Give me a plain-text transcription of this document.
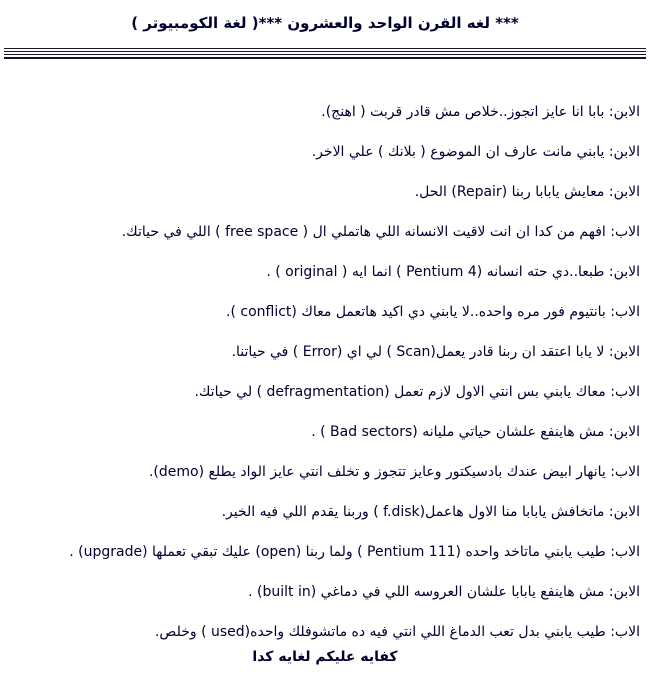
*** لغه القرن الواحد والعشرون ***( لغة الكومبيوتر )

الابن: بابا انا عايز اتجوز..خلاص مش قادر قربت ( اهنج).

الابن: يابني مانت عارف ان الموضوع ( بلانك ) علي الاخر.

الابن: معايش يابابا ربنا (Repair) الحل.

الاب: افهم من كدا ان انت لاقيت الانسانه اللي هاتملي ال ( free space ) اللي في حياتك.

الابن: طبعا..دي حته انسانه (Pentium 4 ) انما ايه ( original ) .

الاب: بانتيوم فور مره واحده..لا يابني دي اكيد هاتعمل معاك (conflict ).

الابن: لا يابا اعتقد ان ربنا قادر يعمل(Scan ) لي اي (Error ) في حياتنا.

الاب: معاك يابني بس انتي الاول لازم تعمل (defragmentation ) لي حياتك.

الابن: مش هاينفع علشان حياتي مليانه (Bad sectors ) .

الاب: يانهار ابيض عندك بادسيكتور وعايز تتجوز و تخلف انتي عايز الواد يطلع (demo).

الابن: ماتخافش يابابا منا الاول هاعمل(f.disk ) وربنا يقدم اللي فيه الخير.

الاب: طيب يابني ماتاخد واحده (Pentium 111 ) ولما ربنا (open) عليك تبقي تعملها (upgrade) .

الابن: مش هاينفع يابابا علشان العروسه اللي في دماغي (built in) .

الاب: طيب يابني بدل تعب الدماغ اللي انتي فيه ده ماتشوفلك واحده(used ) وخلص.

كفايه عليكم لغايه كدا
